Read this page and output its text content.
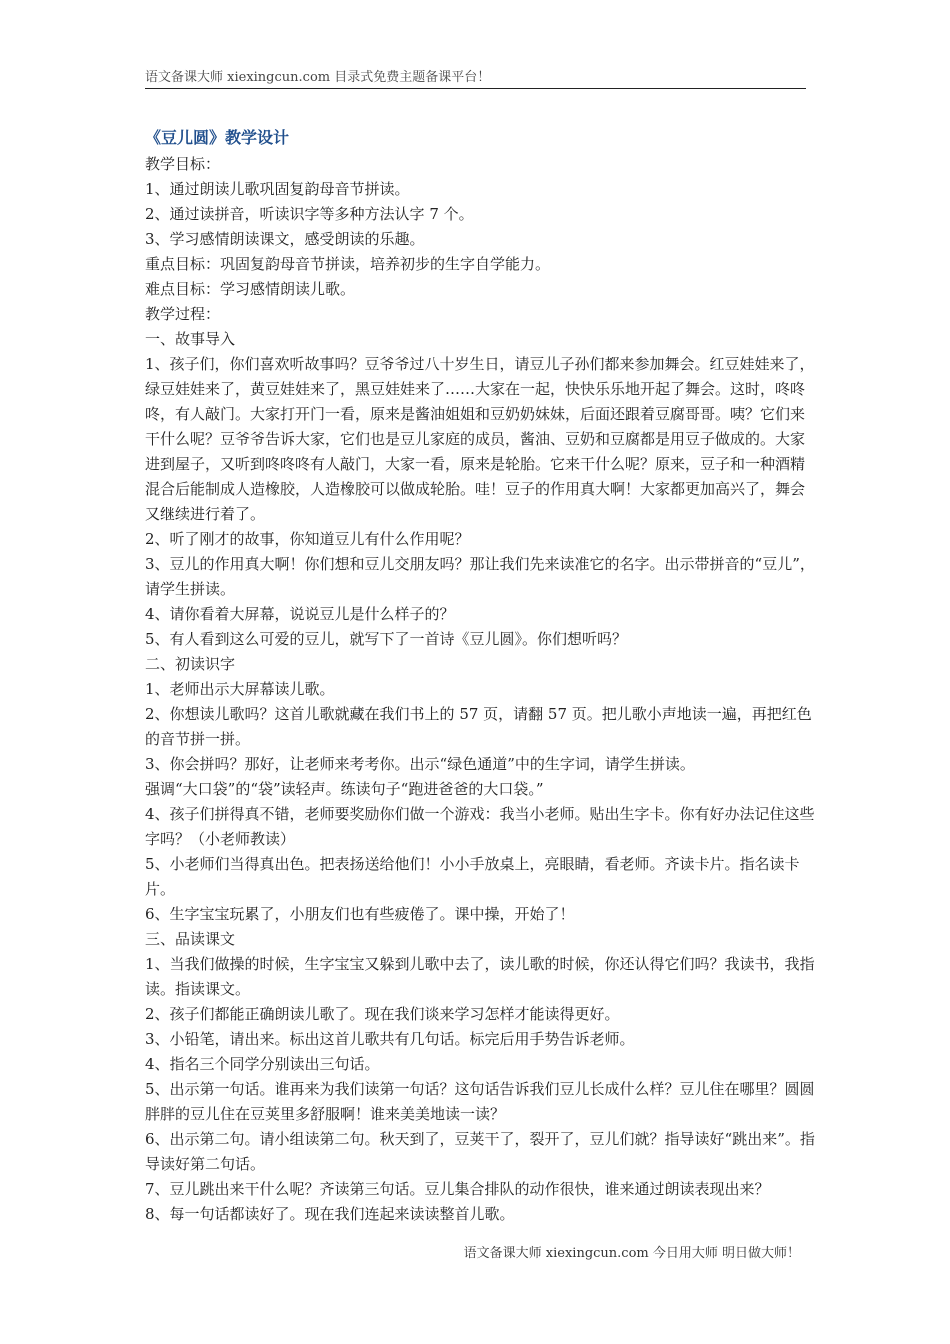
语文备课大师 xiexingcun.com 目录式免费主题备课平台！
《豆儿圆》教学设计

教学目标：

1、通过朗读儿歌巩固复韵母音节拼读。

2、通过读拼音，听读识字等多种方法认字 7 个。

3、学习感情朗读课文，感受朗读的乐趣。

重点目标：巩固复韵母音节拼读，培养初步的生字自学能力。

难点目标：学习感情朗读儿歌。

教学过程：

一、故事导入

1、孩子们，你们喜欢听故事吗？豆爷爷过八十岁生日，请豆儿子孙们都来参加舞会。红豆娃娃来了，绿豆娃娃来了，黄豆娃娃来了，黑豆娃娃来了……大家在一起，快快乐乐地开起了舞会。这时，咚咚咚，有人敲门。大家打开门一看，原来是酱油姐姐和豆奶奶妹妹，后面还跟着豆腐哥哥。咦？它们来干什么呢？豆爷爷告诉大家，它们也是豆儿家庭的成员，酱油、豆奶和豆腐都是用豆子做成的。大家进到屋子，又听到咚咚咚有人敲门，大家一看，原来是轮胎。它来干什么呢？原来，豆子和一种酒精混合后能制成人造橡胶，人造橡胶可以做成轮胎。哇！豆子的作用真大啊！大家都更加高兴了，舞会又继续进行着了。

2、听了刚才的故事，你知道豆儿有什么作用呢？

3、豆儿的作用真大啊！你们想和豆儿交朋友吗？那让我们先来读准它的名字。出示带拼音的“豆儿”，请学生拼读。

4、请你看着大屏幕，说说豆儿是什么样子的？

5、有人看到这么可爱的豆儿，就写下了一首诗《豆儿圆》。你们想听吗？

二、初读识字

1、老师出示大屏幕读儿歌。

2、你想读儿歌吗？这首儿歌就藏在我们书上的 57 页，请翻 57 页。把儿歌小声地读一遍，再把红色的音节拼一拼。

3、你会拼吗？那好，让老师来考考你。出示“绿色通道”中的生字词，请学生拼读。

强调“大口袋”的“袋”读轻声。练读句子“跑进爸爸的大口袋。”

4、孩子们拼得真不错，老师要奖励你们做一个游戏：我当小老师。贴出生字卡。你有好办法记住这些字吗？（小老师教读）

5、小老师们当得真出色。把表扬送给他们！小小手放桌上，亮眼睛，看老师。齐读卡片。指名读卡片。

6、生字宝宝玩累了，小朋友们也有些疲倦了。课中操，开始了！

三、品读课文

1、当我们做操的时候，生字宝宝又躲到儿歌中去了，读儿歌的时候，你还认得它们吗？我读书，我指读。指读课文。

2、孩子们都能正确朗读儿歌了。现在我们谈来学习怎样才能读得更好。

3、小铅笔，请出来。标出这首儿歌共有几句话。标完后用手势告诉老师。

4、指名三个同学分别读出三句话。

5、出示第一句话。谁再来为我们读第一句话？这句话告诉我们豆儿长成什么样？豆儿住在哪里？圆圆胖胖的豆儿住在豆荚里多舒服啊！谁来美美地读一读？

6、出示第二句。请小组读第二句。秋天到了，豆荚干了，裂开了，豆儿们就？指导读好“跳出来”。指导读好第二句话。

7、豆儿跳出来干什么呢？齐读第三句话。豆儿集合排队的动作很快，谁来通过朗读表现出来？

8、每一句话都读好了。现在我们连起来读读整首儿歌。

语文备课大师 xiexingcun.com 今日用大师 明日做大师！
